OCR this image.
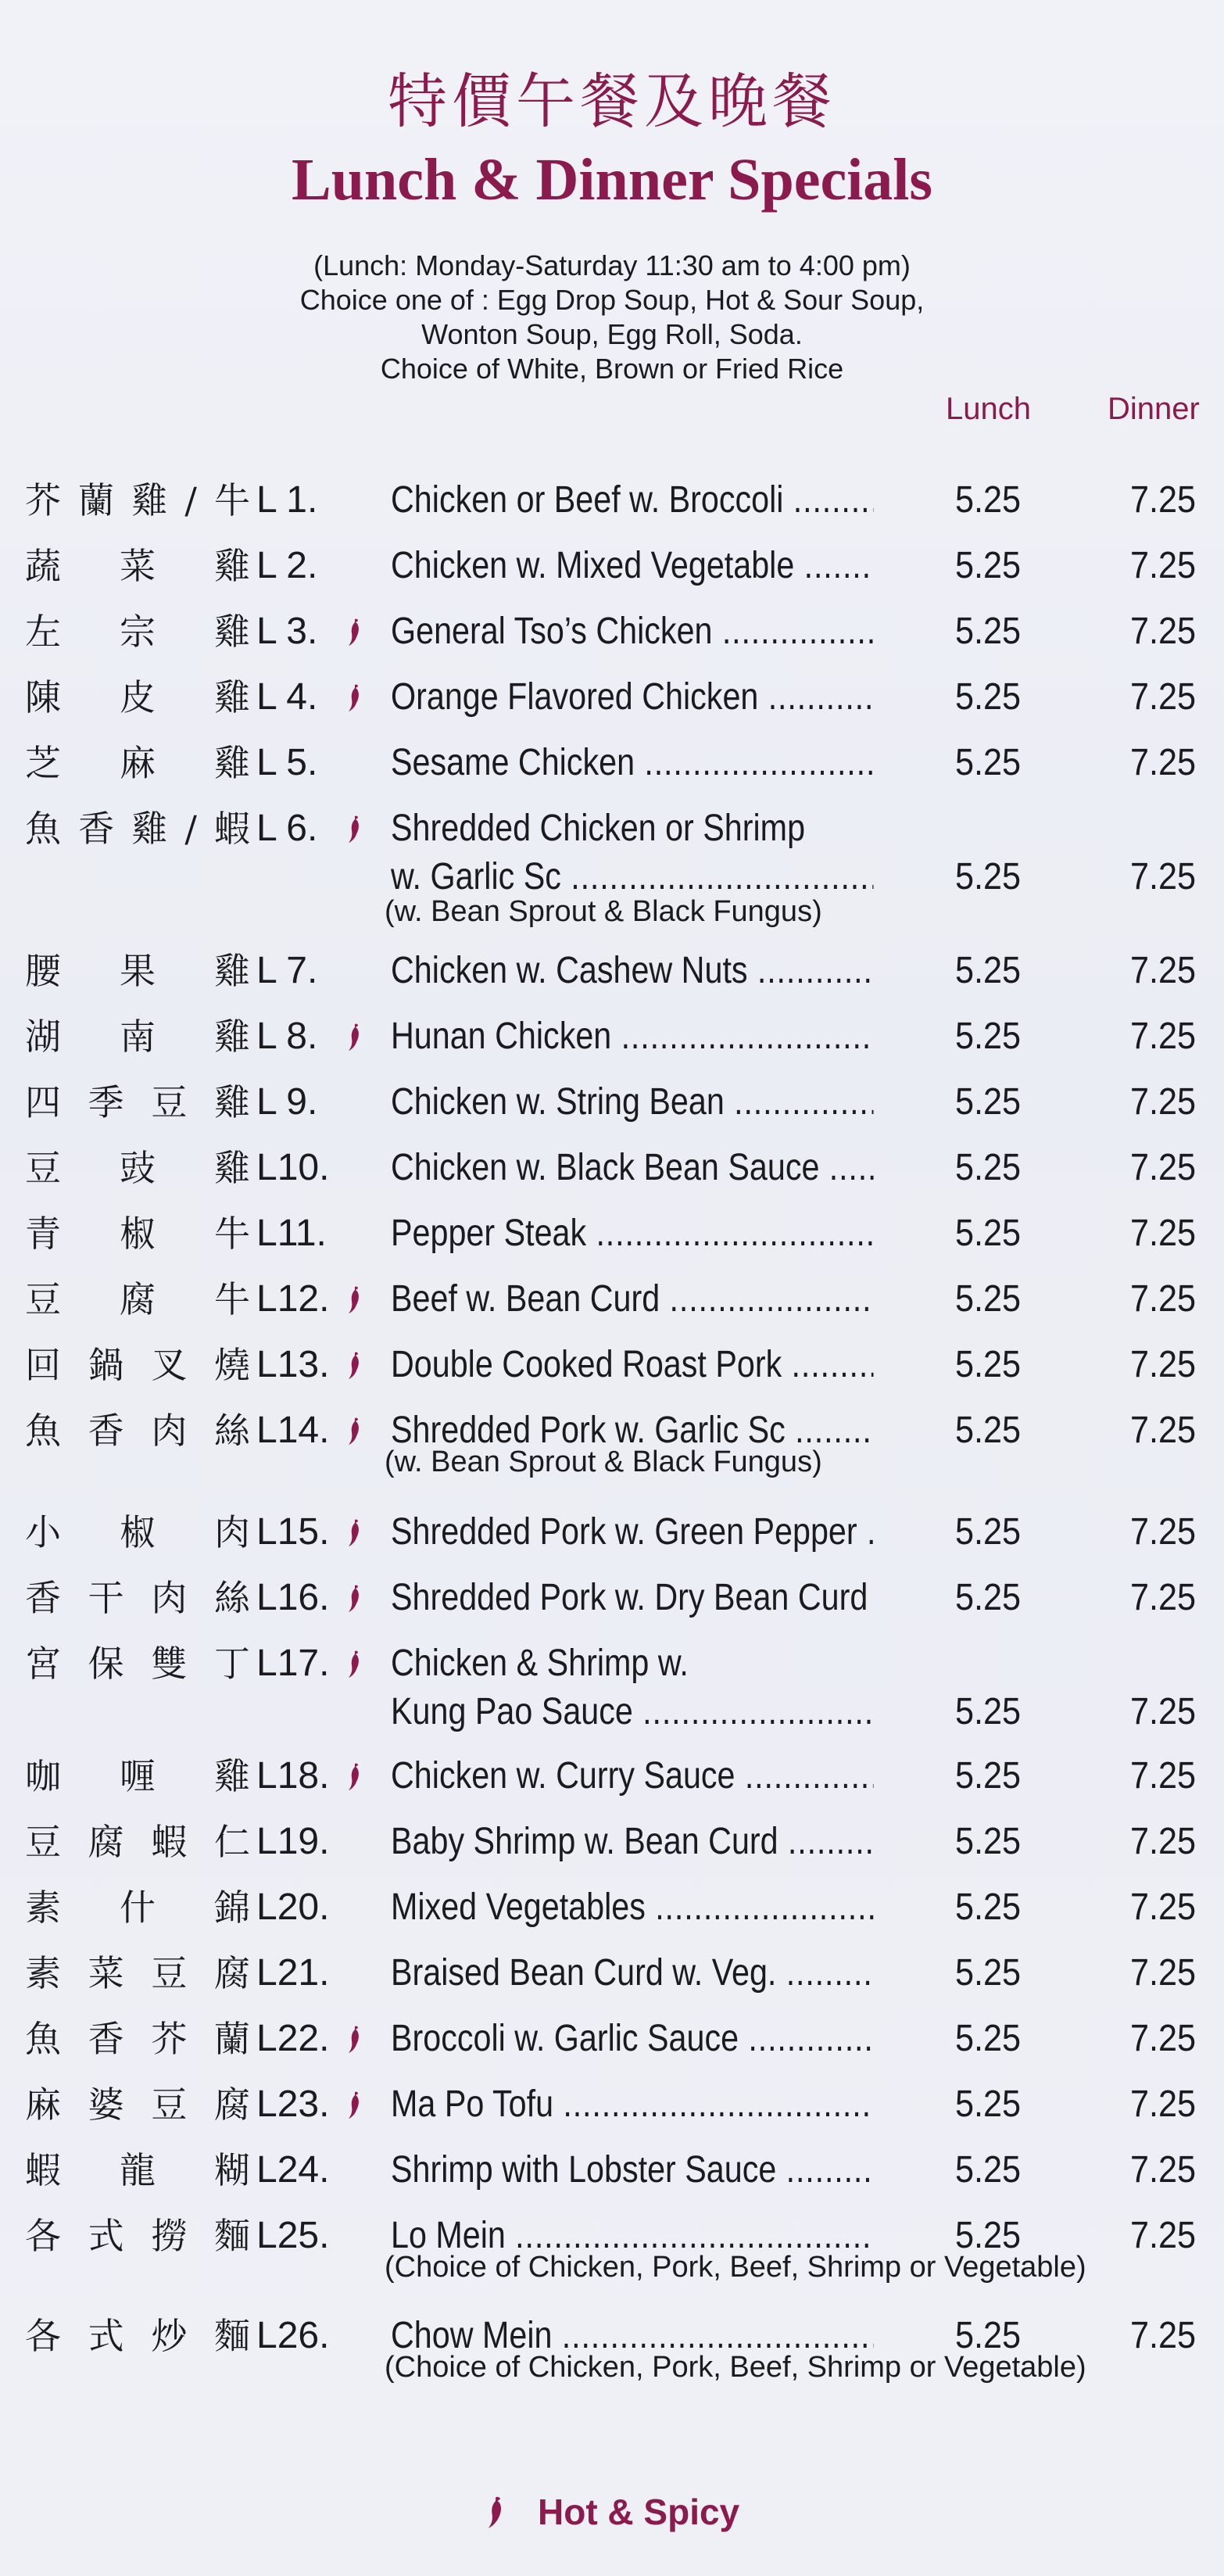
特價午餐及晚餐
Lunch & Dinner Specials
(Lunch: Monday-Saturday 11:30 am to 4:00 pm)
Choice one of : Egg Drop Soup, Hot & Sour Soup,
Wonton Soup, Egg Roll, Soda.
Choice of White, Brown or Fried Rice
Lunch Dinner
芥 蘭 雞 / 牛 L 1. Chicken or Beef w. Broccoli .....	5.25	7.25
蔬 菜 雞 L 2. Chicken w. Mixed Vegetable .....	5.25	7.25
左 宗 雞 L 3. General Tso’s Chicken .....	5.25	7.25
陳 皮 雞 L 4. Orange Flavored Chicken .....	5.25	7.25
芝 麻 雞 L 5. Sesame Chicken .....	5.25	7.25
魚 香 雞 / 蝦 L 6. Shredded Chicken or Shrimp
w. Garlic Sc .....	5.25	7.25
(w. Bean Sprout & Black Fungus)
腰 果 雞 L 7. Chicken w. Cashew Nuts .....	5.25	7.25
湖 南 雞 L 8. Hunan Chicken .....	5.25	7.25
四 季 豆 雞 L 9. Chicken w. String Bean .....	5.25	7.25
豆 豉 雞 L10. Chicken w. Black Bean Sauce .....	5.25	7.25
青 椒 牛 L11. Pepper Steak .....	5.25	7.25
豆 腐 牛 L12. Beef w. Bean Curd .....	5.25	7.25
回 鍋 叉 燒 L13. Double Cooked Roast Pork .....	5.25	7.25
魚 香 肉 絲 L14. Shredded Pork w. Garlic Sc .....	5.25	7.25
(w. Bean Sprout & Black Fungus)
小 椒 肉 L15. Shredded Pork w. Green Pepper .....	5.25	7.25
香 干 肉 絲 L16. Shredded Pork w. Dry Bean Curd ..... 5.25	7.25
宮 保 雙 丁 L17. Chicken & Shrimp w.
Kung Pao Sauce .....	5.25	7.25
咖 喱 雞 L18. Chicken w. Curry Sauce .....	5.25	7.25
豆 腐 蝦 仁 L19. Baby Shrimp w. Bean Curd .....	5.25	7.25
素 什 錦 L20. Mixed Vegetables .....	5.25	7.25
素 菜 豆 腐 L21. Braised Bean Curd w. Veg. .....	5.25	7.25
魚 香 芥 蘭 L22. Broccoli w. Garlic Sauce .....	5.25	7.25
麻 婆 豆 腐 L23. Ma Po Tofu .....	5.25	7.25
蝦 龍 糊 L24. Shrimp with Lobster Sauce .....	5.25	7.25
各 式 撈 麵 L25. Lo Mein .....	5.25	7.25
(Choice of Chicken, Pork, Beef, Shrimp or Vegetable)
各 式 炒 麵 L26. Chow Mein .....	5.25	7.25
(Choice of Chicken, Pork, Beef, Shrimp or Vegetable)
Hot & Spicy
